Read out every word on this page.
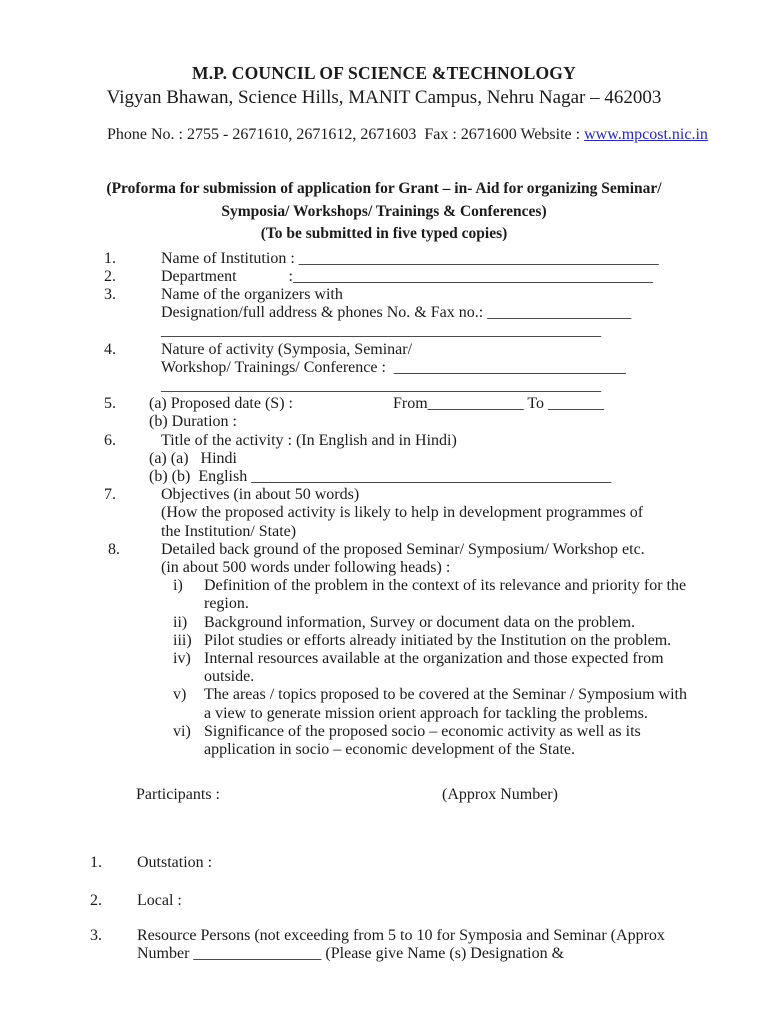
M.P. COUNCIL OF SCIENCE &TECHNOLOGY
Vigyan Bhawan, Science Hills, MANIT Campus, Nehru Nagar – 462003
Phone No. : 2755 - 2671610, 2671612, 2671603  Fax : 2671600 Website : www.mpcost.nic.in
(Proforma for submission of application for Grant – in- Aid for organizing Seminar/
Symposia/ Workshops/ Trainings & Conferences)
(To be submitted in five typed copies)
1.	Name of Institution : _____________________________________________
2.	Department             :_____________________________________________
3.	Name of the organizers with
Designation/full address & phones No. & Fax no.: __________________
_______________________________________________________
4.	Nature of activity (Symposia, Seminar/
Workshop/ Trainings/ Conference :  _____________________________
_______________________________________________________
5.	(a) Proposed date (S) :                         From____________ To _______
(b) Duration :
6.	Title of the activity : (In English and in Hindi)
(a) (a)   Hindi
(b) (b)  English _____________________________________________
7.	Objectives (in about 50 words)
(How the proposed activity is likely to help in development programmes of
the Institution/ State)
8.	Detailed back ground of the proposed Seminar/ Symposium/ Workshop etc.
(in about 500 words under following heads) :
i)	Definition of the problem in the context of its relevance and priority for the
region.
ii)	Background information, Survey or document data on the problem.
iii) Pilot studies or efforts already initiated by the Institution on the problem.
iv) Internal resources available at the organization and those expected from
outside.
v)	The areas / topics proposed to be covered at the Seminar / Symposium with
a view to generate mission orient approach for tackling the problems.
vi) Significance of the proposed socio – economic activity as well as its
application in socio – economic development of the State.
Participants :	(Approx Number)
1.	Outstation :
2.	Local :
3.	Resource Persons (not exceeding from 5 to 10 for Symposia and Seminar (Approx
Number ________________ (Please give Name (s) Designation &
